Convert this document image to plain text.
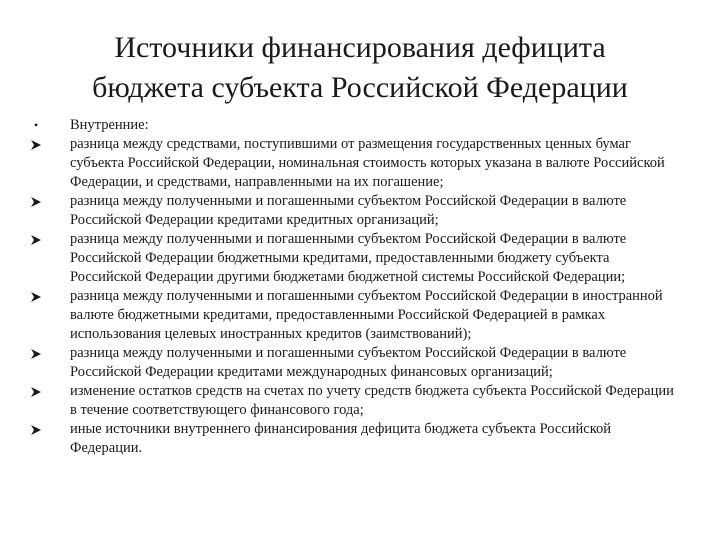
Источники финансирования дефицита
бюджета субъекта Российской Федерации
•	Внутренние:
разница между средствами, поступившими от размещения государственных ценных бумаг субъекта Российской Федерации, номинальная стоимость которых указана в валюте Российской Федерации, и средствами, направленными на их погашение;
разница между полученными и погашенными субъектом Российской Федерации в валюте Российской Федерации кредитами кредитных организаций;
разница между полученными и погашенными субъектом Российской Федерации в валюте Российской Федерации бюджетными кредитами, предоставленными бюджету субъекта Российской Федерации другими бюджетами бюджетной системы Российской Федерации;
разница между полученными и погашенными субъектом Российской Федерации в иностранной валюте бюджетными кредитами, предоставленными Российской Федерацией в рамках использования целевых иностранных кредитов (заимствований);
разница между полученными и погашенными субъектом Российской Федерации в валюте Российской Федерации кредитами международных финансовых организаций;
изменение остатков средств на счетах по учету средств бюджета субъекта Российской Федерации в течение соответствующего финансового года;
иные источники внутреннего финансирования дефицита бюджета субъекта Российской Федерации.
